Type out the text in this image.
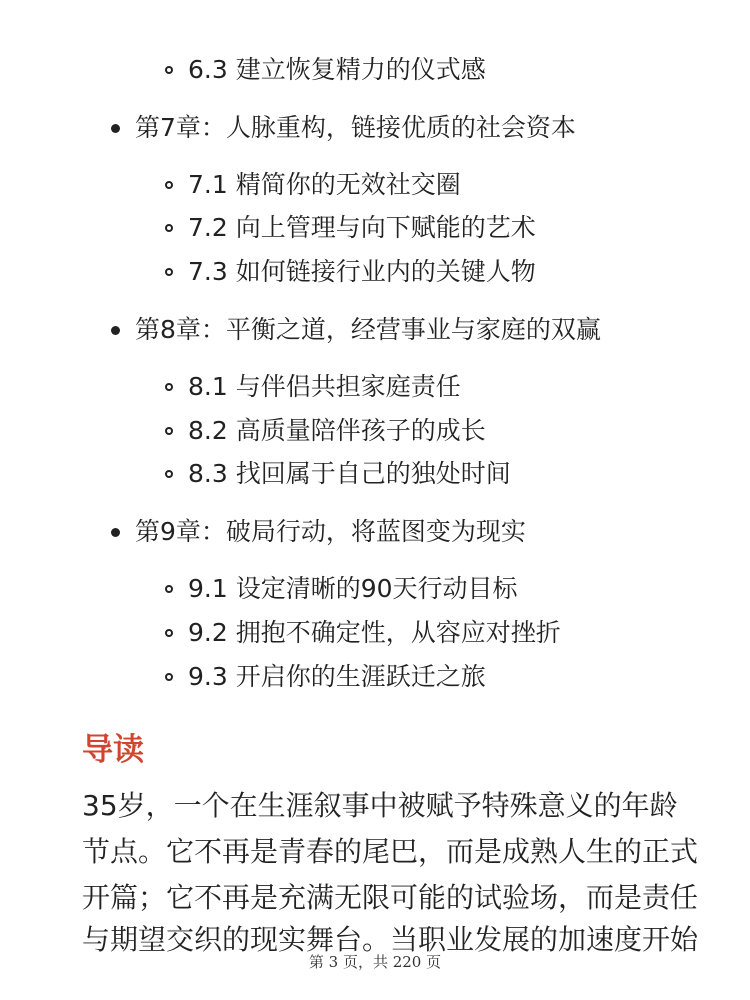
6.3 建立恢复精力的仪式感
第7章：人脉重构，链接优质的社会资本
7.1 精简你的无效社交圈
7.2 向上管理与向下赋能的艺术
7.3 如何链接行业内的关键人物
第8章：平衡之道，经营事业与家庭的双赢
8.1 与伴侣共担家庭责任
8.2 高质量陪伴孩子的成长
8.3 找回属于自己的独处时间
第9章：破局行动，将蓝图变为现实
9.1 设定清晰的90天行动目标
9.2 拥抱不确定性，从容应对挫折
9.3 开启你的生涯跃迁之旅
导读
35岁，一个在生涯叙事中被赋予特殊意义的年龄
节点。它不再是青春的尾巴，而是成熟人生的正式
开篇；它不再是充满无限可能的试验场，而是责任
与期望交织的现实舞台。当职业发展的加速度开始
第 3 页，共 220 页
